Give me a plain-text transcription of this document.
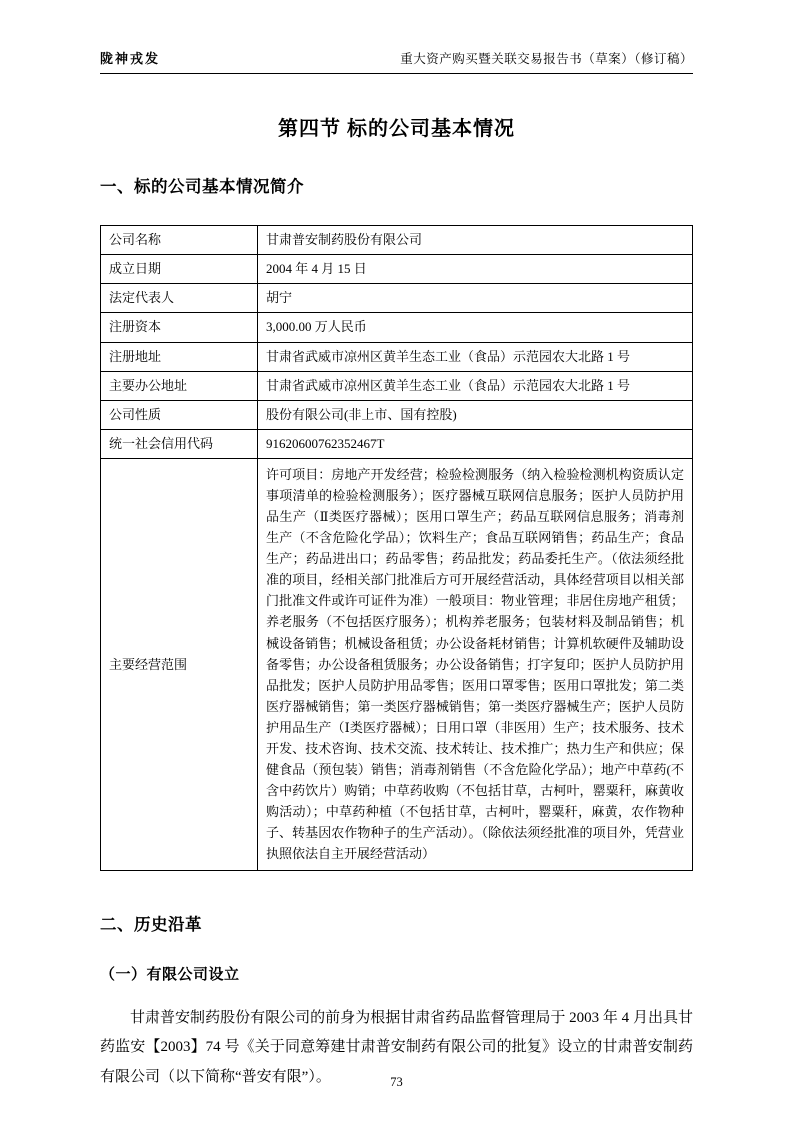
陇神戎发	重大资产购买暨关联交易报告书（草案）（修订稿）
第四节 标的公司基本情况
一、标的公司基本情况简介
公司名称	甘肃普安制药股份有限公司
成立日期	2004 年 4 月 15 日
法定代表人	胡宁
注册资本	3,000.00 万人民币
注册地址	甘肃省武威市凉州区黄羊生态工业（食品）示范园农大北路 1 号
主要办公地址	甘肃省武威市凉州区黄羊生态工业（食品）示范园农大北路 1 号
公司性质	股份有限公司(非上市、国有控股)
统一社会信用代码	91620600762352467T
主要经营范围	许可项目：房地产开发经营；检验检测服务（纳入检验检测机构资质认定事项清单的检验检测服务）；医疗器械互联网信息服务；医护人员防护用品生产（Ⅱ类医疗器械）；医用口罩生产；药品互联网信息服务；消毒剂生产（不含危险化学品）；饮料生产；食品互联网销售；药品生产；食品生产；药品进出口；药品零售；药品批发；药品委托生产。（依法须经批准的项目，经相关部门批准后方可开展经营活动，具体经营项目以相关部门批准文件或许可证件为准）一般项目：物业管理；非居住房地产租赁；养老服务（不包括医疗服务）；机构养老服务；包装材料及制品销售；机械设备销售；机械设备租赁；办公设备耗材销售；计算机软硬件及辅助设备零售；办公设备租赁服务；办公设备销售；打字复印；医护人员防护用品批发；医护人员防护用品零售；医用口罩零售；医用口罩批发；第二类医疗器械销售；第一类医疗器械销售；第一类医疗器械生产；医护人员防护用品生产（Ⅰ类医疗器械）；日用口罩（非医用）生产；技术服务、技术开发、技术咨询、技术交流、技术转让、技术推广；热力生产和供应；保健食品（预包装）销售；消毒剂销售（不含危险化学品）；地产中草药(不含中药饮片）购销；中草药收购（不包括甘草，古柯叶，罂粟秆，麻黄收购活动）；中草药种植（不包括甘草，古柯叶，罂粟秆，麻黄，农作物种子、转基因农作物种子的生产活动）。（除依法须经批准的项目外，凭营业执照依法自主开展经营活动）
二、历史沿革
（一）有限公司设立

甘肃普安制药股份有限公司的前身为根据甘肃省药品监督管理局于 2003 年 4 月出具甘药监安【2003】74 号《关于同意筹建甘肃普安制药有限公司的批复》设立的甘肃普安制药有限公司（以下简称“普安有限”）。	73
